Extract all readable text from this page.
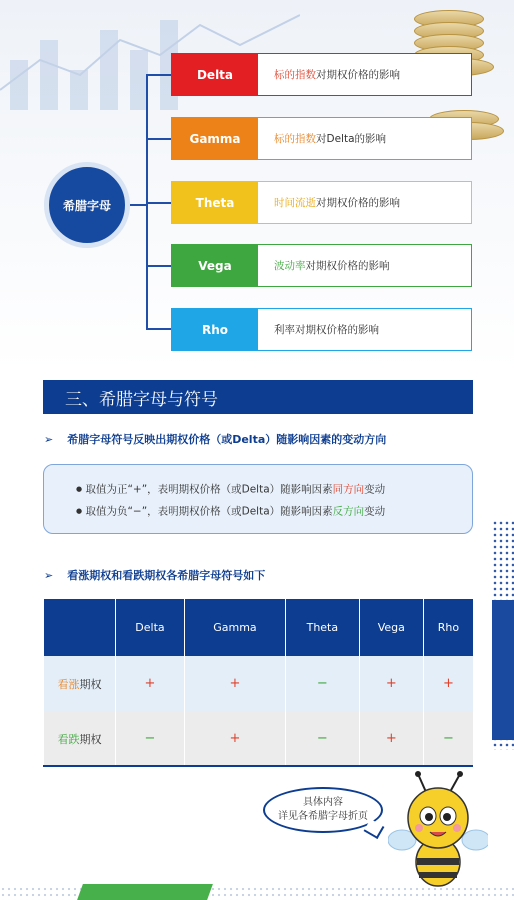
希腊字母
Delta	标的指数 对期权价格的影响
Gamma	标的指数 对Delta的影响
Theta	时间流逝 对期权价格的影响
Vega	波动率 对期权价格的影响
Rho	利率 对期权价格的影响
三、希腊字母与符号
➢ 希腊字母符号反映出期权价格（或Delta）随影响因素的变动方向
● 取值为正“+”，表明期权价格（或Delta）随影响因素同方向变动
● 取值为负“−”，表明期权价格（或Delta）随影响因素反方向变动
➢ 看涨期权和看跌期权各希腊字母符号如下
	Delta	Gamma	Theta	Vega	Rho
看涨期权	+	+	−	+	+
看跌期权	−	+	−	+	−
具体内容
详见各希腊字母折页
